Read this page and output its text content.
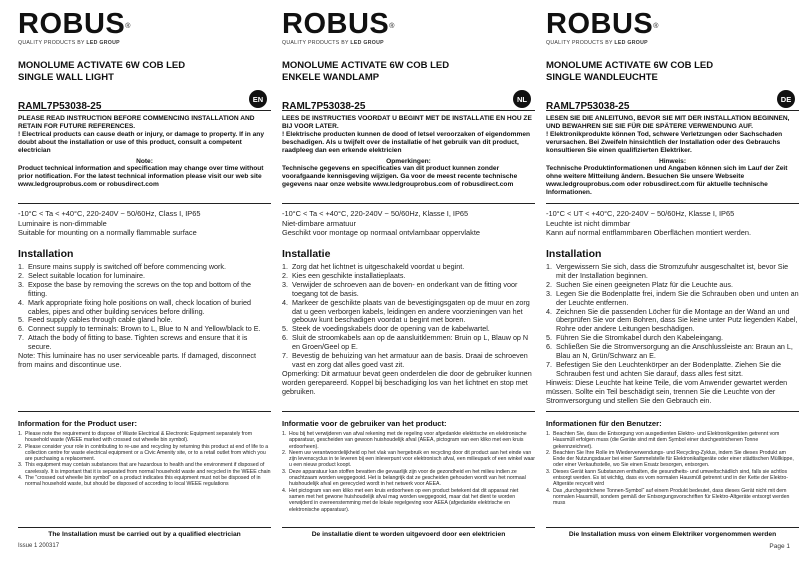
ROBUS®
QUALITY PRODUCTS BY LED GROUP
MONOLUME ACTIVATE 6W COB LED
SINGLE WALL LIGHT
RAML7P53038-25
EN
PLEASE READ INSTRUCTION BEFORE COMMENCING INSTALLATION AND RETAIN FOR FUTURE REFERENCES.
! Electrical products can cause death or injury, or damage to property. If in any doubt about the installation or use of this product, consult a competent electrician
Note:
Product technical information and specification may change over time without prior notification. For the latest technical information please visit our web site www.ledgrouprobus.com or robusdirect.com
-10°C < Ta < +40°C, 220-240V ~ 50/60Hz, Class I, IP65
Luminaire is non-dimmable
Suitable for mounting on a normally flammable surface
Installation
1. Ensure mains supply is switched off before commencing work.
2. Select suitable location for luminaire.
3. Expose the base by removing the screws on the top and bottom of the fitting.
4. Mark appropriate fixing hole positions on wall, check location of buried cables, pipes and other building services before drilling.
5. Feed supply cables through cable gland hole.
6. Connect supply to terminals: Brown to L, Blue to N and Yellow/black to E.
7. Attach the body of fitting to base. Tighten screws and ensure that it is secure.
Note: This luminaire has no user serviceable parts. If damaged, disconnect from mains and discontinue use.
Information for the Product user:
1. Please note the requirement to dispose of Waste Electrical & Electronic Equipment separately from household waste (WEEE marked with crossed out wheelie bin symbol).
2. Please consider your role in contributing to re-use and recycling by returning this product at end of life to a collection centre for waste electrical equipment or a Civic Amenity site, or to a retail outlet from which you are purchasing a replacement.
3. This equipment may contain substances that are hazardous to health and the environment if disposed of carelessly. It is important that it is separated from normal household waste and recycled in the WEEE chain
4. The "crossed out wheelie bin symbol" on a product indicates this equipment must not be disposed of in normal household waste, but should be disposed of according to local WEEE regulations
The Installation must be carried out by a qualified electrician
ROBUS®
QUALITY PRODUCTS BY LED GROUP
MONOLUME ACTIVATE 6W COB LED
ENKELE WANDLAMP
RAML7P53038-25
NL
LEES DE INSTRUCTIES VOORDAT U BEGINT MET DE INSTALLATIE EN HOU ZE BIJ VOOR LATER.
! Elektrische producten kunnen de dood of letsel veroorzaken of eigendommen beschadigen. Als u twijfelt over de installatie of het gebruik van dit product, raadpleeg dan een erkende elektricien
Opmerkingen:
Technische gegevens en specificaties van dit product kunnen zonder voorafgaande kennisgeving wijzigen. Ga voor de meest recente technische gegevens naar onze website www.ledgrouprobus.com of robusdirect.com
-10°C < Ta < +40°C, 220-240V ~ 50/60Hz, Klasse I, IP65
Niet-dimbare armatuur
Geschikt voor montage op normaal ontvlambaar oppervlakte
Installatie
1. Zorg dat het lichtnet is uitgeschakeld voordat u begint.
2. Kies een geschikte installatieplaats.
3. Verwijder de schroeven aan de boven- en onderkant van de fitting voor toegang tot de basis.
4. Markeer de geschikte plaats van de bevestigingsgaten op de muur en zorg dat u geen verborgen kabels, leidingen en andere voorzieningen van het gebouw kunt beschadigen voordat u begint met boren.
5. Steek de voedingskabels door de opening van de kabelwartel.
6. Sluit de stroomkabels aan op de aansluitklemmen: Bruin op L, Blauw op N en Groen/Geel op E.
7. Bevestig de behuizing van het armatuur aan de basis. Draai de schroeven vast en zorg dat alles goed vast zit.
Opmerking: Dit armatuur bevat geen onderdelen die door de gebruiker kunnen worden gerepareerd. Koppel bij beschadiging los van het lichtnet en stop met gebruiken.
Informatie voor de gebruiker van het product:
1. Hou bij het verwijderen van afval rekening met de regeling voor afgedankte elektrische en elektronische apparatuur, gescheiden van gewoon huishoudelijk afval (AEEA, pictogram van een kliko met een kruis erdoorheen).
2. Neem uw verantwoordelijkheid op het vlak van hergebruik en recycling door dit product aan het einde van zijn levenscyclus in te leveren bij een inleverpunt voor elektronisch afval, een milieupark of een winkel waar u een nieuw product koopt.
3. Deze apparatuur kan stoffen bevatten die gevaarlijk zijn voor de gezondheid en het milieu indien ze onachtzaam worden weggegooid. Het is belangrijk dat ze gescheiden gehouden wordt van het normaal huishoudelijk afval en gerecycled wordt in het netwerk voor AEEA.
4. Het pictogram van een kliko met een kruis erdoorheen op een product betekent dat dit apparaat niet samen met het gewone huishoudelijk afval mag worden weggegooid, maar dat het dient te worden verwijderd in overeenstemming met de lokale regelgeving voor AEEA (afgedankte elektrische en elektronische apparatuur).
De installatie dient te worden uitgevoerd door een elektricien
ROBUS®
QUALITY PRODUCTS BY LED GROUP
MONOLUME ACTIVATE 6W COB LED
SINGLE WANDLEUCHTE
RAML7P53038-25
DE
LESEN SIE DIE ANLEITUNG, BEVOR SIE MIT DER INSTALLATION BEGINNEN, UND BEWAHREN SIE SIE FÜR DIE SPÄTERE VERWENDUNG AUF.
! Elektronikprodukte können Tod, schwere Verletzungen oder Sachschaden verursachen. Bei Zweifeln hinsichtlich der Installation oder des Gebrauchs konsultieren Sie einen qualifizierten Elektriker.
Hinweis:
Technische Produktinformationen und Angaben können sich im Lauf der Zeit ohne weitere Mitteilung ändern. Besuchen Sie unsere Webseite www.ledgrouprobus.com oder robusdirect.com für aktuelle technische Informationen.
-10°C < UT < +40°C, 220-240V ~ 50/60Hz, Klasse I, IP65
Leuchte ist nicht dimmbar
Kann auf normal entflammbaren Oberflächen montiert werden.
Installation
1. Vergewissern Sie sich, dass die Stromzufuhr ausgeschaltet ist, bevor Sie mit der Installation beginnen.
2. Suchen Sie einen geeigneten Platz für die Leuchte aus.
3. Legen Sie die Bodenplatte frei, indem Sie die Schrauben oben und unten an der Leuchte entfernen.
4. Zeichnen Sie die passenden Löcher für die Montage an der Wand an und überprüfen Sie vor dem Bohren, dass Sie keine unter Putz liegenden Kabel, Rohre oder andere Leitungen beschädigen.
5. Führen Sie die Stromkabel durch den Kabeleingang.
6. Schließen Sie die Stromversorgung an die Anschlussleiste an: Braun an L, Blau an N, Grün/Schwarz an E.
7. Befestigen Sie den Leuchtenkörper an der Bodenplatte. Ziehen Sie die Schrauben fest und achten Sie darauf, dass alles fest sitzt.
Hinweis: Diese Leuchte hat keine Teile, die vom Anwender gewartet werden müssen. Sollte ein Teil beschädigt sein, trennen Sie die Leuchte von der Stromversorgung und stellen Sie den Gebrauch ein.
Informationen für den Benutzer:
1. Beachten Sie, dass die Entsorgung von ausgedienten Elektro- und Elektronikgeräten getrennt vom Hausmüll erfolgen muss (die Geräte sind mit dem Symbol einer durchgestrichenen Tonne gekennzeichnet).
2. Beachten Sie Ihre Rolle im Wiederverwendungs- und Recycling-Zyklus, indem Sie dieses Produkt am Ende der Nutzungsdauer bei einer Sammelstelle für Elektronikaltgeräte oder einer städtischen Müllkippe, oder einer Verkaufsstelle, wo Sie einen Ersatz besorgen, entsorgen.
3. Dieses Gerät kann Substanzen enthalten, die gesundheits- und umweltschädlich sind, falls sie achtlos entsorgt werden. Es ist wichtig, dass es vom normalen Hausmüll getrennt und in der Kette der Elektro-Altgeräte recycelt wird
4. Das „durchgestrichene Tonnen-Symbol“ auf einem Produkt bedeutet, dass dieses Gerät nicht mit dem normalen Hausmüll, sondern gemäß der Entsorgungsvorschriften für Elektro-Altgeräte entsorgt werden muss
Die Installation muss von einem Elektriker vorgenommen werden
Issue 1 200317	Page 1
